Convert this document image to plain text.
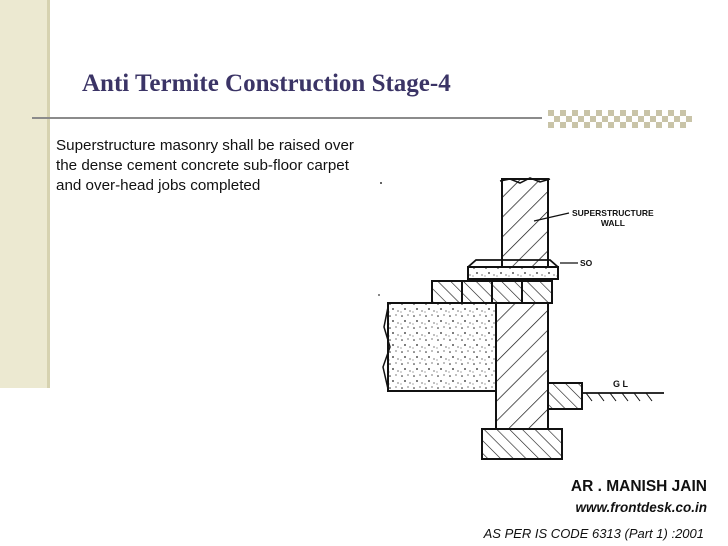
Anti Termite Construction Stage-4
Superstructure masonry shall be raised over the dense cement concrete sub-floor carpet and over-head jobs completed
SUPERSTRUCTURE
WALL
SO
G L
AR . MANISH JAIN
www.frontdesk.co.in
AS PER IS CODE 6313 (Part 1) :2001
